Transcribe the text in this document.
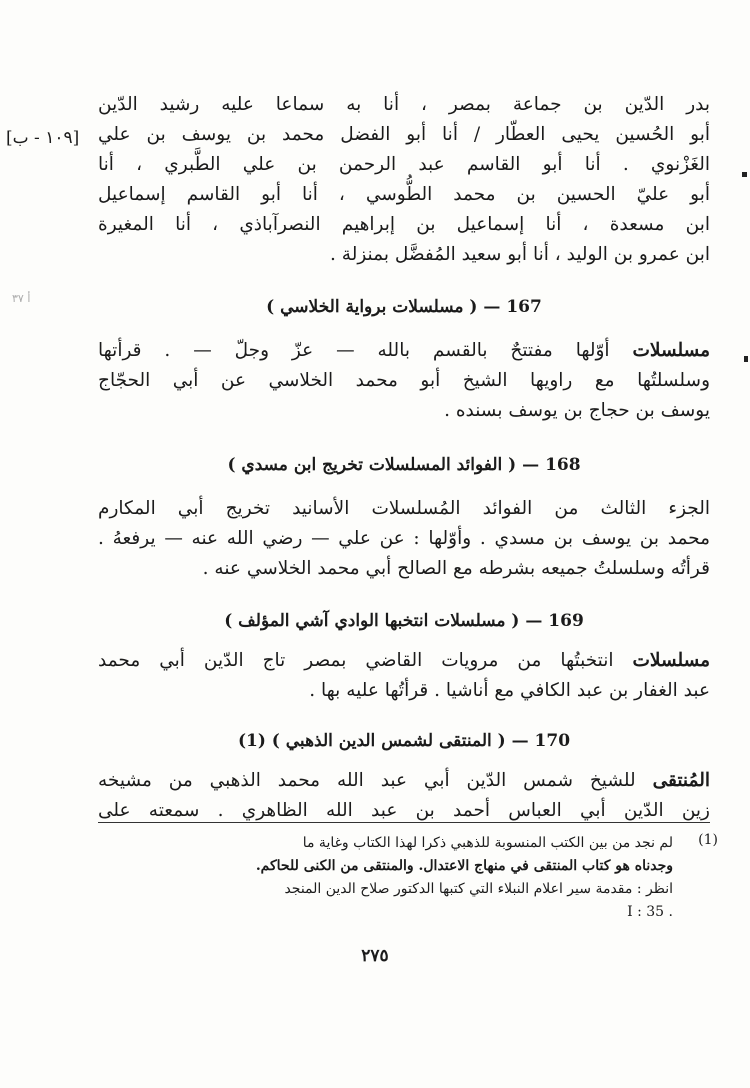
[١٠٩ - ب]
أ ٣٧
بدر الدّين بن جماعة بمصر ، أنا به سماعا عليه رشيد الدّين
أبو الحُسين يحيى العطّار / أنا أبو الفضل محمد بن يوسف بن علي
الغَزْنوي . أنا أبو القاسم عبد الرحمن بن علي الطَّبري ، أنا
أبو عليّ الحسين بن محمد الطُّوسي ، أنا أبو القاسم إسماعيل
ابن مسعدة ، أنا إسماعيل بن إبراهيم النصرآباذي ، أنا المغيرة
ابن عمرو بن الوليد ، أنا أبو سعيد المُفضَّل بمنزلة .

167 — ( مسلسلات برواية الخلاسي )

مسلسلات أوّلها مفتتحٌ بالقسم بالله — عزّ وجلّ — . قرأتها
وسلسلتُها مع راويها الشيخ أبو محمد الخلاسي عن أبي الحجّاج
يوسف بن حجاج بن يوسف بسنده .

168 — ( الفوائد المسلسلات تخريج ابن مسدي )

الجزء الثالث من الفوائد المُسلسلات الأسانيد تخريج أبي المكارم
محمد بن يوسف بن مسدي . وأوّلها : عن علي — رضي الله عنه — يرفعهُ .
قرأتُه وسلسلتُ جميعه بشرطه مع الصالح أبي محمد الخلاسي عنه .

169 — ( مسلسلات انتخبها الوادي آشي المؤلف )

مسلسلات انتخبتُها من مرويات القاضي بمصر تاج الدّين أبي محمد
عبد الغفار بن عبد الكافي مع أناشيا . قرأتُها عليه بها .

170 — ( المنتقى لشمس الدين الذهبي ) (1)

المُنتقى للشيخ شمس الدّين أبي عبد الله محمد الذهبي من مشيخه
زين الدّين أبي العباس أحمد بن عبد الله الظاهري . سمعته على
(1)
لم نجد من بين الكتب المنسوبة للذهبي ذكرا لهذا الكتاب وغاية ما
وجدناه هو كتاب المنتقى في منهاج الاعتدال. والمنتقى من الكنى للحاكم.
انظر : مقدمة سير اعلام النبلاء التي كتبها الدكتور صلاح الدين المنجد
. 35 : I
٢٧٥
